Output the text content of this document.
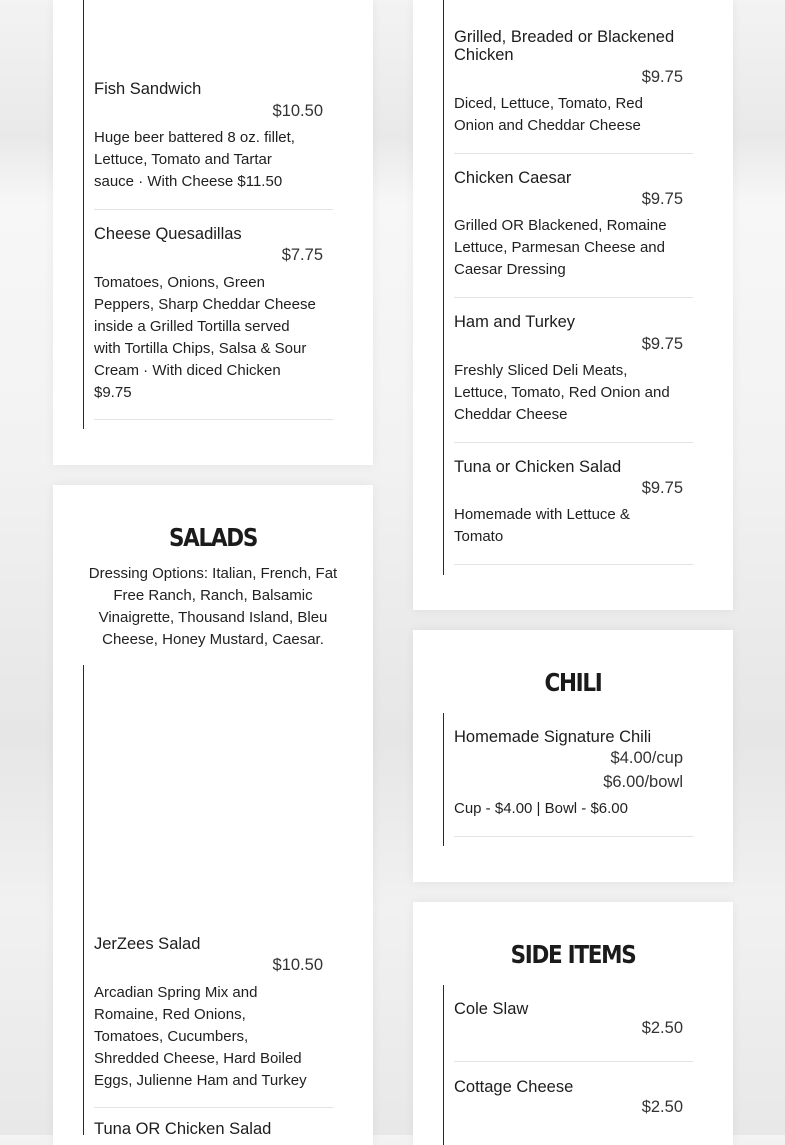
Fish Sandwich
$10.50
Huge beer battered 8 oz. fillet, Lettuce, Tomato and Tartar sauce · With Cheese $11.50
Cheese Quesadillas
$7.75
Tomatoes, Onions, Green Peppers, Sharp Cheddar Cheese inside a Grilled Tortilla served with Tortilla Chips, Salsa & Sour Cream · With diced Chicken $9.75
SALADS
Dressing Options: Italian, French, Fat Free Ranch, Ranch, Balsamic Vinaigrette, Thousand Island, Bleu Cheese, Honey Mustard, Caesar.
JerZees Salad
$10.50
Arcadian Spring Mix and Romaine, Red Onions, Tomatoes, Cucumbers, Shredded Cheese, Hard Boiled Eggs, Julienne Ham and Turkey
Tuna OR Chicken Salad
Grilled, Breaded or Blackened Chicken
$9.75
Diced, Lettuce, Tomato, Red Onion and Cheddar Cheese
Chicken Caesar
$9.75
Grilled OR Blackened, Romaine Lettuce, Parmesan Cheese and Caesar Dressing
Ham and Turkey
$9.75
Freshly Sliced Deli Meats, Lettuce, Tomato, Red Onion and Cheddar Cheese
Tuna or Chicken Salad
$9.75
Homemade with Lettuce & Tomato
CHILI
Homemade Signature Chili
$4.00/cup
$6.00/bowl
Cup - $4.00 | Bowl - $6.00
SIDE ITEMS
Cole Slaw
$2.50
Cottage Cheese
$2.50
